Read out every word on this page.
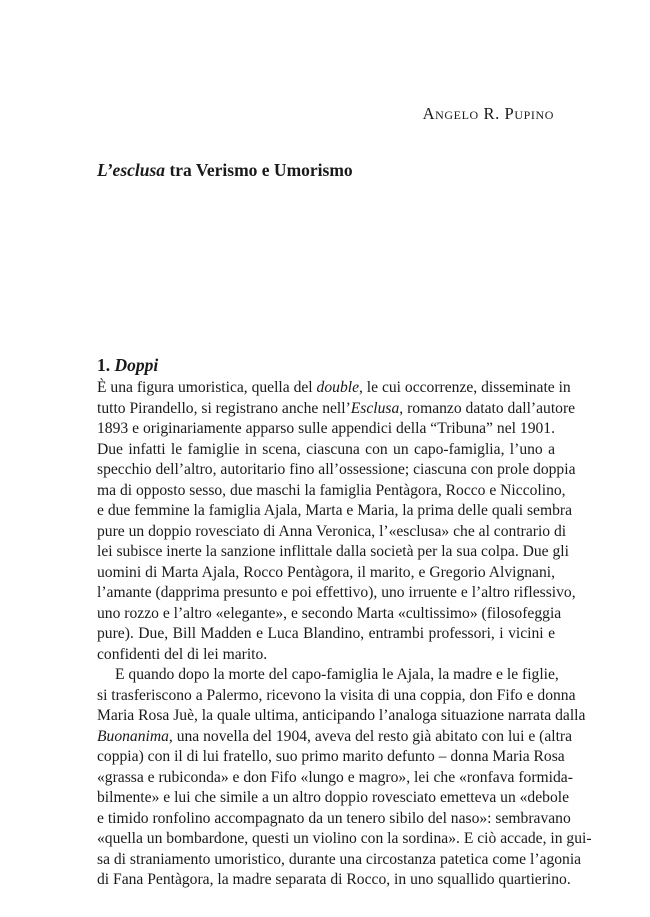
Angelo R. Pupino
L’esclusa tra Verismo e Umorismo
1. Doppi
È una figura umoristica, quella del double, le cui occorrenze, disseminate in
tutto Pirandello, si registrano anche nell’Esclusa, romanzo datato dall’autore
1893 e originariamente apparso sulle appendici della “Tribuna” nel 1901.
Due infatti le famiglie in scena, ciascuna con un capo-famiglia, l’uno a
specchio dell’altro, autoritario fino all’ossessione; ciascuna con prole doppia
ma di opposto sesso, due maschi la famiglia Pentàgora, Rocco e Niccolino,
e due femmine la famiglia Ajala, Marta e Maria, la prima delle quali sembra
pure un doppio rovesciato di Anna Veronica, l’«esclusa» che al contrario di
lei subisce inerte la sanzione inflittale dalla società per la sua colpa. Due gli
uomini di Marta Ajala, Rocco Pentàgora, il marito, e Gregorio Alvignani,
l’amante (dapprima presunto e poi effettivo), uno irruente e l’altro riflessivo,
uno rozzo e l’altro «elegante», e secondo Marta «cultissimo» (filosofeggia
pure). Due, Bill Madden e Luca Blandino, entrambi professori, i vicini e
confidenti del di lei marito.
E quando dopo la morte del capo-famiglia le Ajala, la madre e le figlie,
si trasferiscono a Palermo, ricevono la visita di una coppia, don Fifo e donna
Maria Rosa Juè, la quale ultima, anticipando l’analoga situazione narrata dalla
Buonanima, una novella del 1904, aveva del resto già abitato con lui e (altra
coppia) con il di lui fratello, suo primo marito defunto – donna Maria Rosa
«grassa e rubiconda» e don Fifo «lungo e magro», lei che «ronfava formida-
bilmente» e lui che simile a un altro doppio rovesciato emetteva un «debole
e timido ronfolino accompagnato da un tenero sibilo del naso»: sembravano
«quella un bombardone, questi un violino con la sordina». E ciò accade, in gui-
sa di straniamento umoristico, durante una circostanza patetica come l’agonia
di Fana Pentàgora, la madre separata di Rocco, in uno squallido quartierino.
